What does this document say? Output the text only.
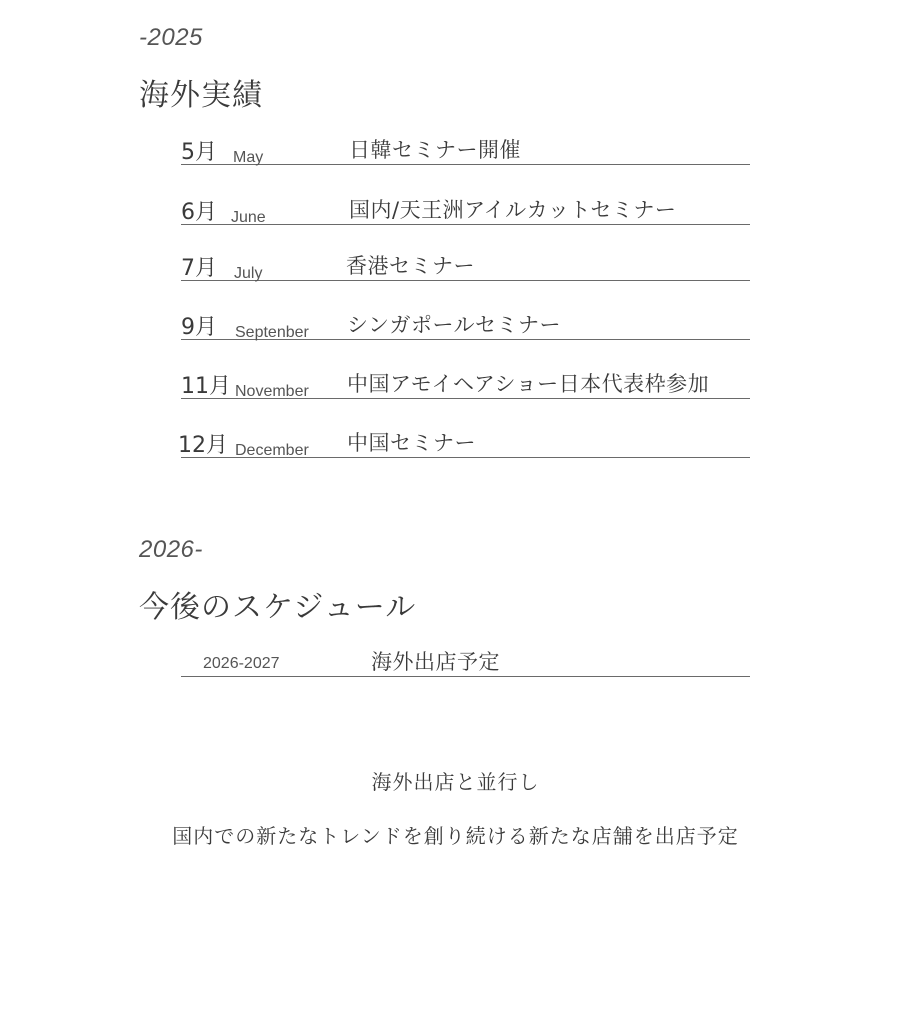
-2025
海外実績
5月 May	日韓セミナー開催
6月 June	国内/天王洲アイルカットセミナー
7月 July	香港セミナー
9月 Septenber シンガポールセミナー
11月 November 中国アモイヘアショー日本代表枠参加
12月 December 中国セミナー
2026-
今後のスケジュール
2026-2027	海外出店予定
海外出店と並行し
国内での新たなトレンドを創り続ける新たな店舗を出店予定
